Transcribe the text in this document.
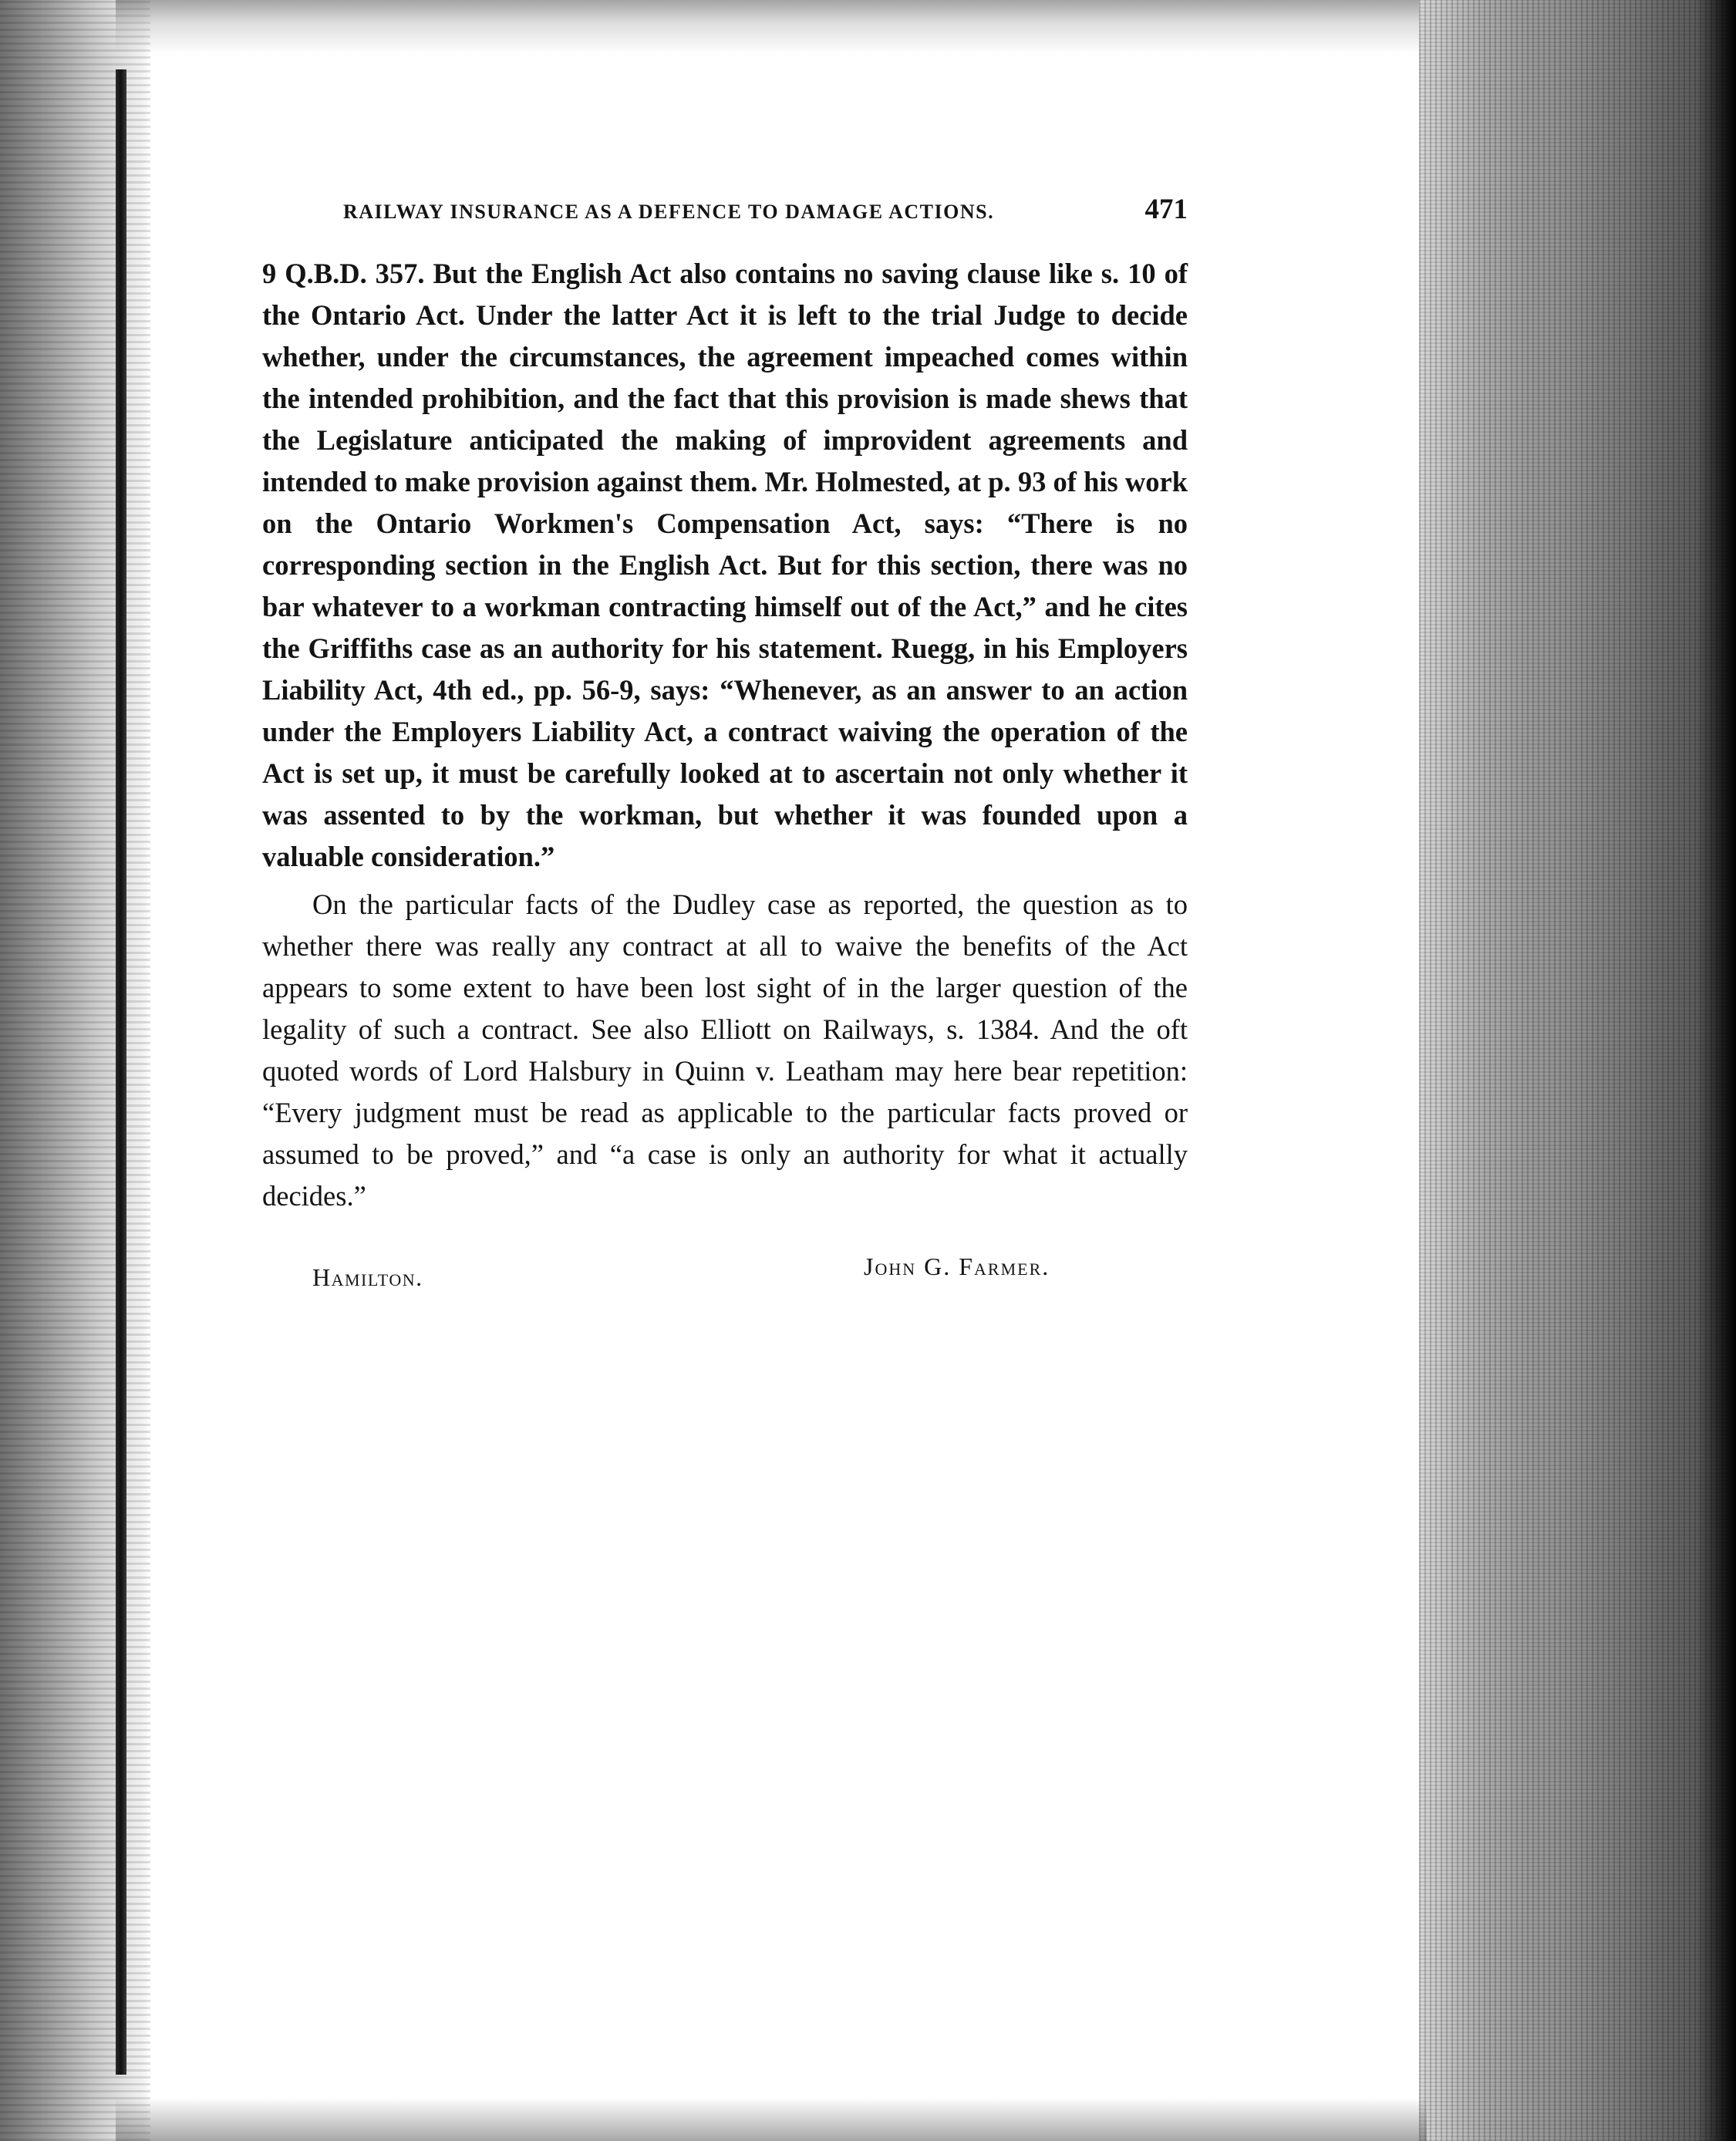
RAILWAY INSURANCE AS A DEFENCE TO DAMAGE ACTIONS.	471

9 Q.B.D. 357. But the English Act also contains no saving clause like s. 10 of the Ontario Act. Under the latter Act it is left to the trial Judge to decide whether, under the circumstances, the agreement impeached comes within the intended prohibition, and the fact that this provision is made shews that the Legislature anticipated the making of improvident agreements and intended to make provision against them. Mr. Holmested, at p. 93 of his work on the Ontario Workmen's Compensation Act, says: “There is no corresponding section in the English Act. But for this section, there was no bar whatever to a workman contracting himself out of the Act,” and he cites the Griffiths case as an authority for his statement. Ruegg, in his Employers Liability Act, 4th ed., pp. 56-9, says: “Whenever, as an answer to an action under the Employers Liability Act, a contract waiving the operation of the Act is set up, it must be carefully looked at to ascertain not only whether it was assented to by the workman, but whether it was founded upon a valuable consideration.”

On the particular facts of the Dudley case as reported, the question as to whether there was really any contract at all to waive the benefits of the Act appears to some extent to have been lost sight of in the larger question of the legality of such a contract. See also Elliott on Railways, s. 1384. And the oft quoted words of Lord Halsbury in Quinn v. Leatham may here bear repetition: “Every judgment must be read as applicable to the particular facts proved or assumed to be proved,” and “a case is only an authority for what it actually decides.”

Hamilton.	John G. Farmer.
